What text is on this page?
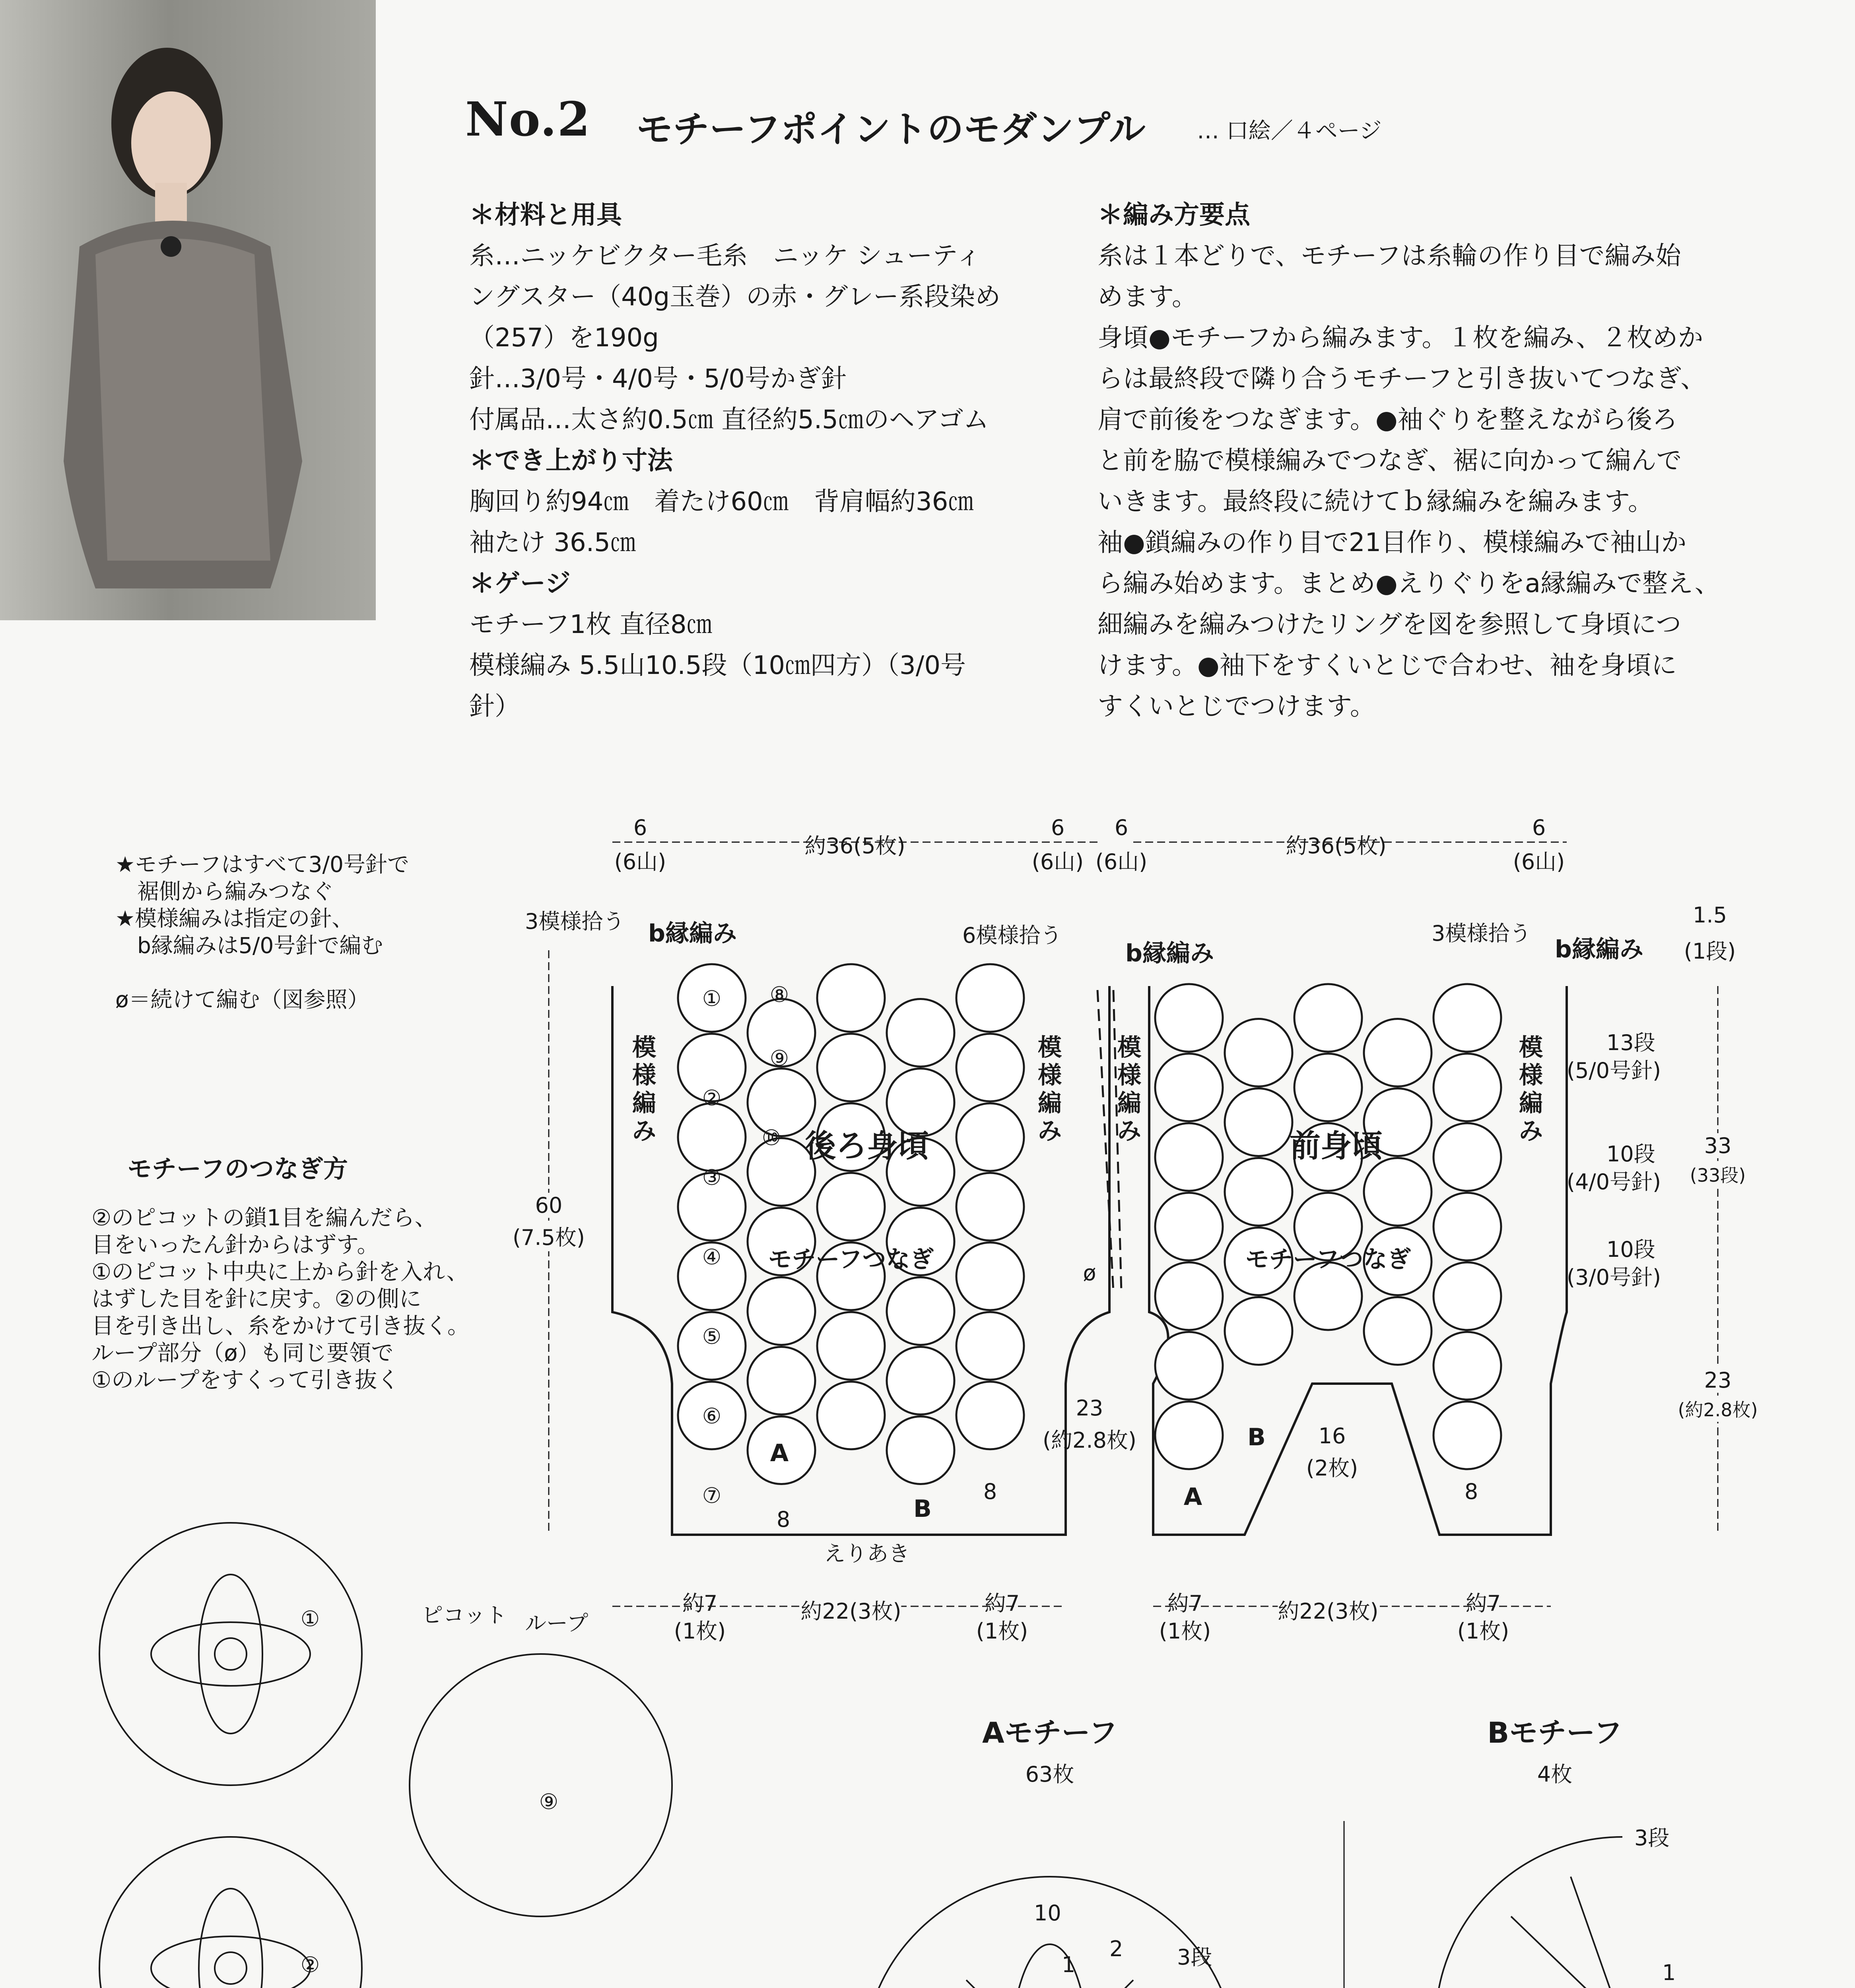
No.2 モチーフポイントのモダンプル … 口絵／４ページ
＊材料と用具
糸…ニッケビクター毛糸　ニッケ シューティ
ングスター（40g玉巻）の赤・グレー系段染め
（257）を190g
針…3/0号・4/0号・5/0号かぎ針
付属品…太さ約0.5㎝ 直径約5.5㎝のヘアゴム
＊でき上がり寸法
胸回り約94㎝　着たけ60㎝　背肩幅約36㎝
袖たけ 36.5㎝
＊ゲージ
モチーフ1枚 直径8㎝
模様編み 5.5山10.5段（10㎝四方）（3/0号
針）
＊編み方要点
糸は１本どりで、モチーフは糸輪の作り目で編み始
めます。
身頃●モチーフから編みます。１枚を編み、２枚めか
らは最終段で隣り合うモチーフと引き抜いてつなぎ、
肩で前後をつなぎます。●袖ぐりを整えながら後ろ
と前を脇で模様編みでつなぎ、裾に向かって編んで
いきます。最終段に続けてｂ縁編みを編みます。
袖●鎖編みの作り目で21目作り、模様編みで袖山か
ら編み始めます。まとめ●えりぐりをa縁編みで整え、
細編みを編みつけたリングを図を参照して身頃につ
けます。●袖下をすくいとじで合わせ、袖を身頃に
すくいとじでつけます。
★モチーフはすべて3/0号針で
　裾側から編みつなぐ
★模様編みは指定の針、
　b縁編みは5/0号針で編む
ø＝続けて編む（図参照）
モチーフのつなぎ方
②のピコットの鎖1目を編んだら、
目をいったん針からはずす。
①のピコット中央に上から針を入れ、
はずした目を針に戻す。②の側に
目を引き出し、糸をかけて引き抜く。
ループ部分（ø）も同じ要領で
①のループをすくって引き抜く
6
(6山)
約36(5枚)
6
(6山)
6
(6山)
約36(5枚)
6
(6山)
3模様拾う b縁編み	6模様拾う
b縁編み
3模様拾う
b縁編み
1.5
(1段)
模様編み
模様編み
模様編み
模様編み
後ろ身頃	前身頃
モチーフつなぎ	モチーフつなぎ
60
(7.5枚)
13段
(5/0号針)
10段
(4/0号針)
10段
(3/0号針)
33
(33段)
23
(約2.8枚)
23
(約2.8枚)	16
(2枚)
ø
えりあき
約7
(1枚)
約22(3枚)	約7
(1枚)
約7
(1枚)
約22(3枚)	約7
(1枚)
①
②
③
④
⑤
⑥
⑦
⑧
⑨
⑩
A
B	A
B
8
8	8
ピコット ループ
①
②
⑨
Aモチーフ
63枚
1
2	3段
10
Bモチーフ
4枚
1
3段
